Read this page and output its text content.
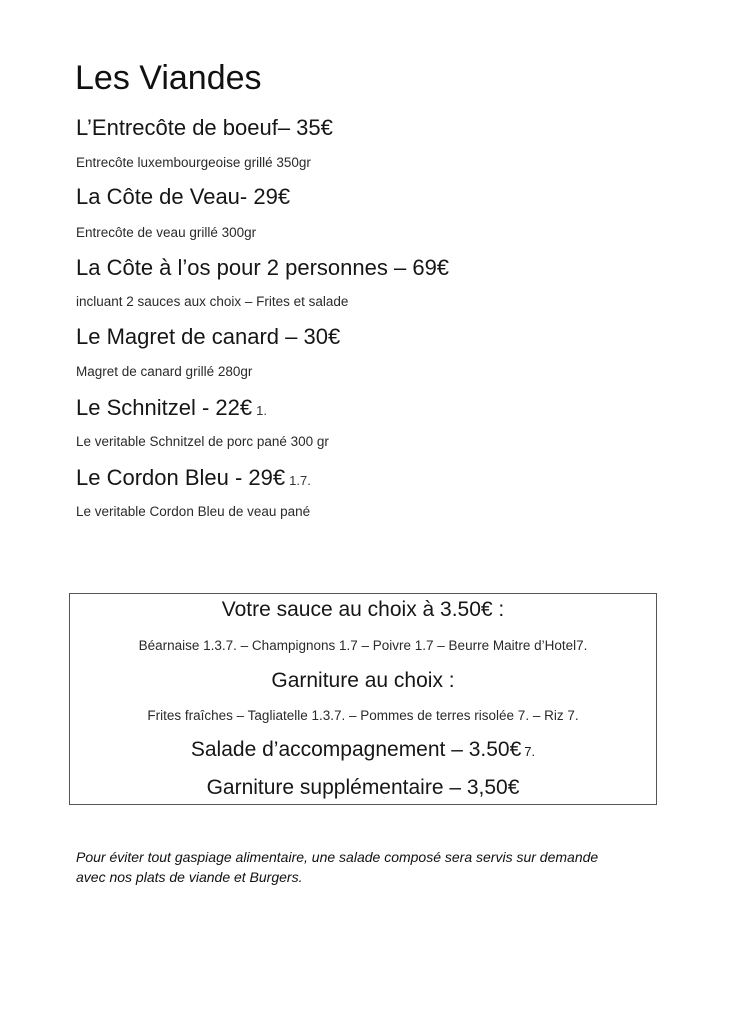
Les Viandes
L’Entrecôte de boeuf– 35€
Entrecôte luxembourgeoise grillé 350gr
La Côte de Veau- 29€
Entrecôte de veau grillé 300gr
La Côte à l’os pour 2 personnes – 69€
incluant 2 sauces aux choix – Frites et salade
Le Magret de canard – 30€
Magret de canard grillé 280gr
Le Schnitzel - 22€ 1.
Le veritable Schnitzel de porc pané 300 gr
Le Cordon Bleu - 29€ 1.7.
Le veritable Cordon Bleu de veau pané
Votre sauce au choix à 3.50€ :
Béarnaise 1.3.7. – Champignons 1.7 – Poivre 1.7 – Beurre Maitre d’Hotel7.
Garniture au choix :
Frites fraîches – Tagliatelle 1.3.7. – Pommes de terres risolée 7. – Riz 7.
Salade d’accompagnement – 3.50€ 7.
Garniture supplémentaire – 3,50€
Pour éviter tout gaspiage alimentaire, une salade composé sera servis sur demande
avec nos plats de viande et Burgers.
